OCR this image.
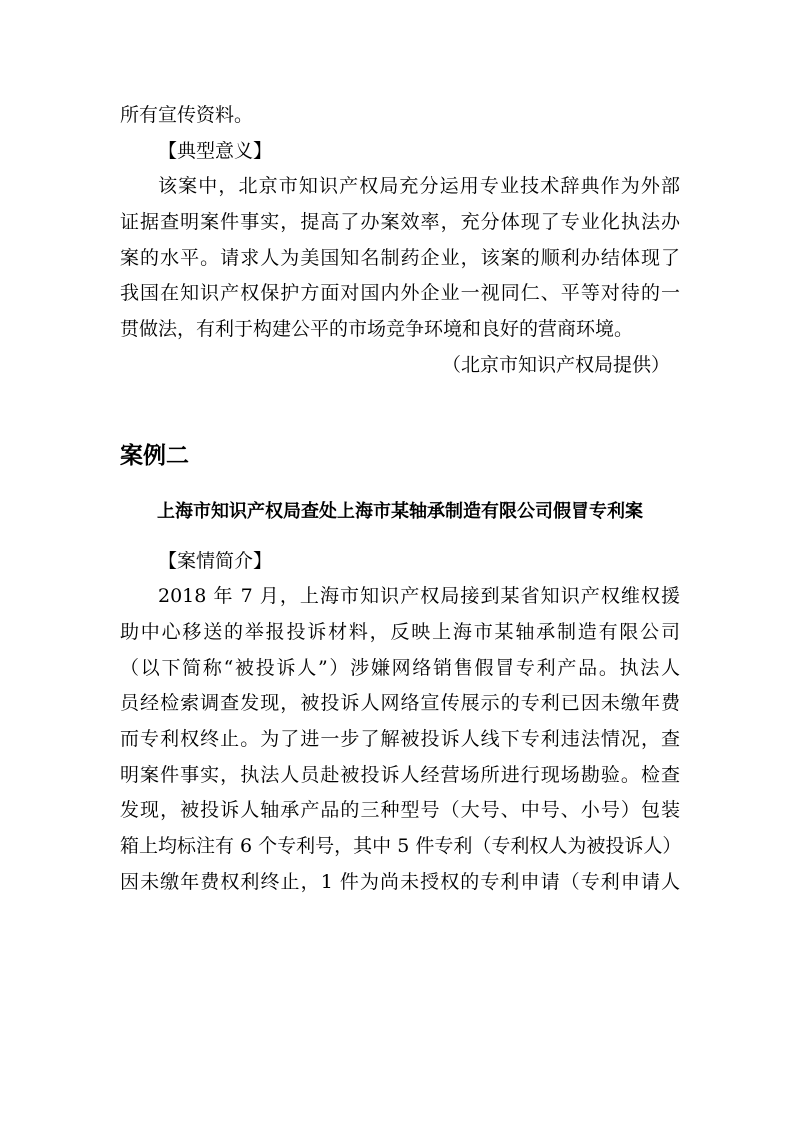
所有宣传资料。
【典型意义】
该案中，北京市知识产权局充分运用专业技术辞典作为外部
证据查明案件事实，提高了办案效率，充分体现了专业化执法办
案的水平。请求人为美国知名制药企业，该案的顺利办结体现了
我国在知识产权保护方面对国内外企业一视同仁、平等对待的一
贯做法，有利于构建公平的市场竞争环境和良好的营商环境。
（北京市知识产权局提供）
案例二
上海市知识产权局查处上海市某轴承制造有限公司假冒专利案
【案情简介】
2018 年 7 月，上海市知识产权局接到某省知识产权维权援
助中心移送的举报投诉材料，反映上海市某轴承制造有限公司
（以下简称“被投诉人”）涉嫌网络销售假冒专利产品。执法人
员经检索调查发现，被投诉人网络宣传展示的专利已因未缴年费
而专利权终止。为了进一步了解被投诉人线下专利违法情况，查
明案件事实，执法人员赴被投诉人经营场所进行现场勘验。检查
发现，被投诉人轴承产品的三种型号（大号、中号、小号）包装
箱上均标注有 6 个专利号，其中 5 件专利（专利权人为被投诉人）
因未缴年费权利终止，1 件为尚未授权的专利申请（专利申请人
